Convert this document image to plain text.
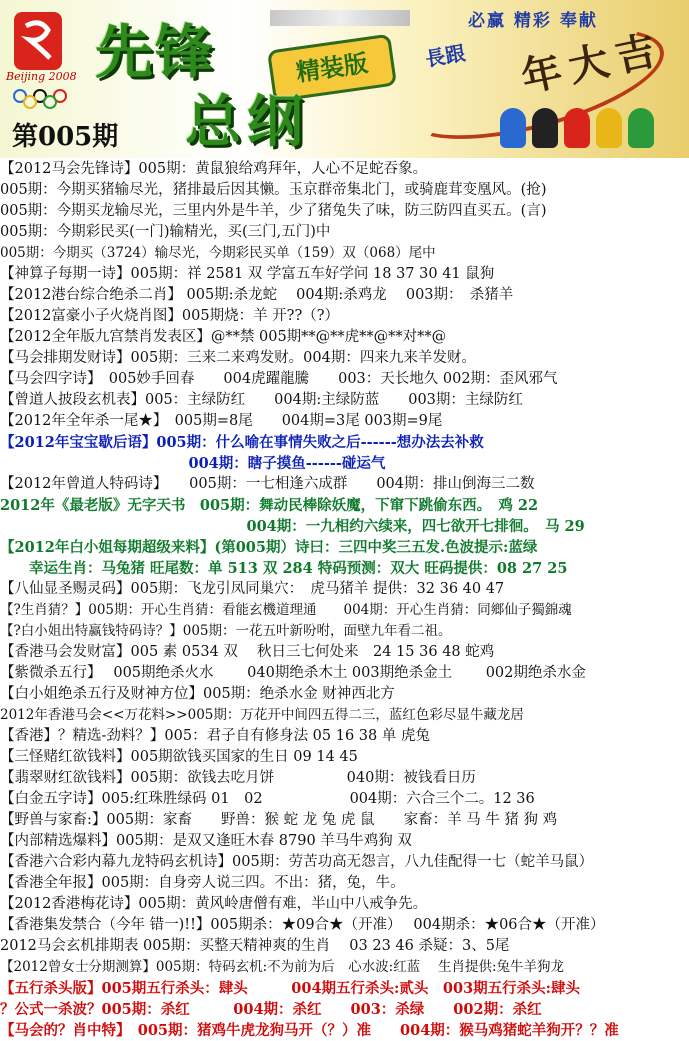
Beijing 2008 先锋	精装版
总纲
第005期
必赢 精彩 奉献
長跟 年大吉
【2012马会先锋诗】005期：黄鼠狼给鸡拜年，人心不足蛇吞象。
005期：今期买猪输尽光，猪排最后因其懒。玉京群帝集北门，或骑鹿茸变凰风。(抢)
005期：今期买龙输尽光，三里内外是牛羊，少了猪兔失了味，防三防四直买五。(言)
005期：今期彩民买(一门)输精光，买(三门,五门)中
005期：今期买（3724）输尽光，今期彩民买单（159）双（068）尾中
【神算子每期一诗】005期：祥 2581 双 学富五车好学问 18 37 30 41 鼠狗
【2012港台综合绝杀二肖】 005期:杀龙蛇　 004期:杀鸡龙　 003期：　杀猪羊
【2012富豪小子火烧肖图】005期烧：羊 开??（?）
【2012全年版九宫禁肖发表区】@**禁 005期**@**虎**@**对**@
【马会排期发财诗】005期：三来二来鸡发财。004期：四来九来羊发财。
【马会四字诗】　005妙手回春　　004虎躍龍騰　　003：天长地久 002期：歪风邪气
【曾道人披段玄机表】005：主绿防红　　004期:主绿防蓝　　003期：主绿防红
【2012年全年杀一尾★】　005期=8尾　　004期=3尾 003期=9尾
【2012年宝宝歇后语】005期：什么喻在事情失败之后------想办法去补救
　　　　　　　　　　　　　004期：瞎子摸鱼------碰运气
【2012年曾道人特码诗】　　005期：一七相逢六成群　　004期：排山倒海三二数
2012年《最老版》无字天书　005期：舞动民棒除妖魔，下窜下跳偷东西。　鸡 22
　　　　　　　　　　　　　　　　　004期：一九相约六续来，四七欲开七排徊。　马 29
【2012年白小姐每期超级来料】(第005期）诗曰：三四中奖三五发.色波提示:蓝绿
　　幸运生肖：马兔猪 旺尾数：单 513 双 284 特码预测：双大 旺码提供：08 27 25
【八仙显圣赐灵码】005期：飞龙引凤同巢穴：　虎马猪羊 提供：32 36 40 47
【?生肖猜？】005期：开心生肖猜：看能玄機道理通　　004期：开心生肖猜：同鄉仙子獨錦魂
【?白小姐出特赢钱特码诗？】005期：一花五叶新吩咐，面壁九年看二祖。
【香港马会发财富】005 素 0534 双　 秋日三七何处来　24 15 36 48 蛇鸡
【紫微杀五行】　 005期绝杀火水　　 040期绝杀木土 003期绝杀金土　　 002期绝杀水金
【白小姐绝杀五行及财神方位】005期：绝杀水金 财神西北方
2012年香港马会<<万花料>>005期：万花开中间四五得二三，蓝红色彩尽显牛藏龙居
【香港】？精选-劲料？】005：君子自有修身法 05 16 38 单 虎兔
【三怪赌红欲钱料】005期欲钱买国家的生日 09 14 45
【翡翠财红欲钱料】005期：欲钱去吃月饼　　　　　040期：被钱看日历
【白金五字诗】005:红珠胜绿码 01　02　　　　　　004期：六合三个二。12 36
【野兽与家畜:】005期：家畜　　野兽：猴 蛇 龙 兔 虎 鼠　　家畜：羊 马 牛 猪 狗 鸡
【内部精选爆料】005期：是双又逢旺木春 8790 羊马牛鸡狗 双
【香港六合彩内幕九龙特码玄机诗】005期：劳苦功高无怨言，八九佳配得一七（蛇羊马鼠）
【香港全年报】005期：自身旁人说三四。不出：猪，兔，牛。
【2012香港梅花诗】005期：黄风岭唐僧有难，半山中八戒争先。
【香港集发禁合（今年 错一)!!】005期杀：★09合★（开准）　 004期杀：★06合★（开准）
2012马会玄机排期表 005期：买整天精神爽的生肖　 03 23 46 杀疑：3、5尾
【2012曾女士分期测算】005期：特码玄机:不为前为后　心水波:红蓝　 生肖提供:兔牛羊狗龙
【五行杀头版】005期五行杀头：肆头　　　004期五行杀头:贰头　003期五行杀头:肆头
？公式一杀波？005期：杀红　　　004期：杀红　　003：杀绿　　002期：杀红
【马会的？肖中特】　005期：猪鸡牛虎龙狗马开（？）准　　004期：猴马鸡猪蛇羊狗开？？准
